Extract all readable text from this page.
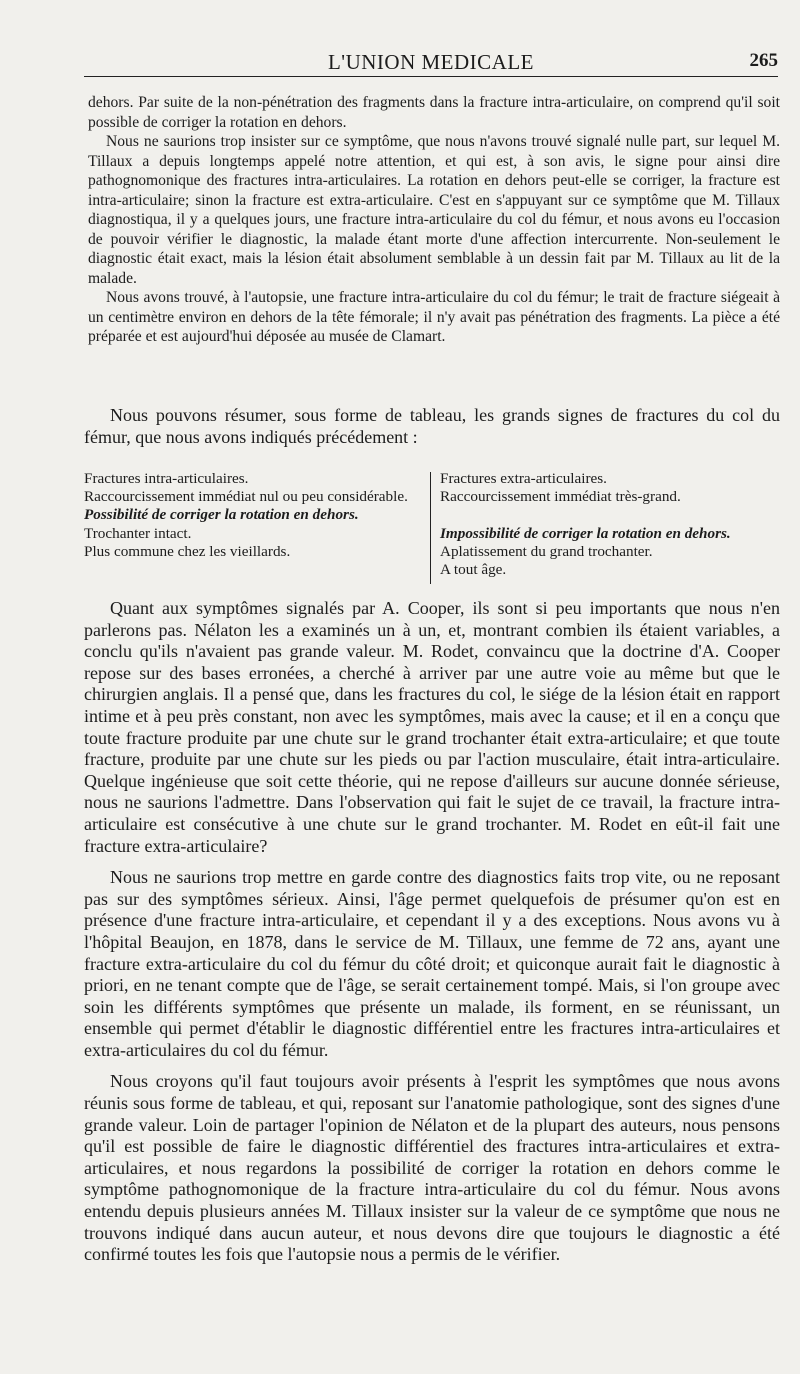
L'UNION MEDICALE	265

dehors. Par suite de la non-pénétration des fragments dans la fracture intra-articulaire, on comprend qu'il soit possible de corriger la rotation en dehors.

Nous ne saurions trop insister sur ce symptôme, que nous n'avons trouvé signalé nulle part, sur lequel M. Tillaux a depuis longtemps appelé notre attention, et qui est, à son avis, le signe pour ainsi dire pathognomonique des fractures intra-articulaires. La rotation en dehors peut-elle se corriger, la fracture est intra-articulaire; sinon la fracture est extra-articulaire. C'est en s'appuyant sur ce symptôme que M. Tillaux diagnostiqua, il y a quelques jours, une fracture intra-articulaire du col du fémur, et nous avons eu l'occasion de pouvoir vérifier le diagnostic, la malade étant morte d'une affection intercurrente. Non-seulement le diagnostic était exact, mais la lésion était absolument semblable à un dessin fait par M. Tillaux au lit de la malade.

Nous avons trouvé, à l'autopsie, une fracture intra-articulaire du col du fémur; le trait de fracture siégeait à un centimètre environ en dehors de la tête fémorale; il n'y avait pas pénétration des fragments. La pièce a été préparée et est aujourd'hui déposée au musée de Clamart.

Nous pouvons résumer, sous forme de tableau, les grands signes de fractures du col du fémur, que nous avons indiqués précédement :

Fractures intra-articulaires.
Raccourcissement immédiat nul ou peu considérable.
Possibilité de corriger la rotation en dehors.
Trochanter intact.
Plus commune chez les vieillards.
Fractures extra-articulaires.
Raccourcissement immédiat très-grand.
Impossibilité de corriger la rotation en dehors.
Aplatissement du grand trochanter.
A tout âge.

Quant aux symptômes signalés par A. Cooper, ils sont si peu importants que nous n'en parlerons pas. Nélaton les a examinés un à un, et, montrant combien ils étaient variables, a conclu qu'ils n'avaient pas grande valeur. M. Rodet, convaincu que la doctrine d'A. Cooper repose sur des bases erronées, a cherché à arriver par une autre voie au même but que le chirurgien anglais. Il a pensé que, dans les fractures du col, le siége de la lésion était en rapport intime et à peu près constant, non avec les symptômes, mais avec la cause; et il en a conçu que toute fracture produite par une chute sur le grand trochanter était extra-articulaire; et que toute fracture, produite par une chute sur les pieds ou par l'action musculaire, était intra-articulaire. Quelque ingénieuse que soit cette théorie, qui ne repose d'ailleurs sur aucune donnée sérieuse, nous ne saurions l'admettre. Dans l'observation qui fait le sujet de ce travail, la fracture intra-articulaire est consécutive à une chute sur le grand trochanter. M. Rodet en eût-il fait une fracture extra-articulaire?

Nous ne saurions trop mettre en garde contre des diagnostics faits trop vite, ou ne reposant pas sur des symptômes sérieux. Ainsi, l'âge permet quelquefois de présumer qu'on est en présence d'une fracture intra-articulaire, et cependant il y a des exceptions. Nous avons vu à l'hôpital Beaujon, en 1878, dans le service de M. Tillaux, une femme de 72 ans, ayant une fracture extra-articulaire du col du fémur du côté droit; et quiconque aurait fait le diagnostic à priori, en ne tenant compte que de l'âge, se serait certainement tompé. Mais, si l'on groupe avec soin les différents symptômes que présente un malade, ils forment, en se réunissant, un ensemble qui permet d'établir le diagnostic différentiel entre les fractures intra-articulaires et extra-articulaires du col du fémur.

Nous croyons qu'il faut toujours avoir présents à l'esprit les symptômes que nous avons réunis sous forme de tableau, et qui, reposant sur l'anatomie pathologique, sont des signes d'une grande valeur. Loin de partager l'opinion de Nélaton et de la plupart des auteurs, nous pensons qu'il est possible de faire le diagnostic différentiel des fractures intra-articulaires et extra-articulaires, et nous regardons la possibilité de corriger la rotation en dehors comme le symptôme pathognomonique de la fracture intra-articulaire du col du fémur. Nous avons entendu depuis plusieurs années M. Tillaux insister sur la valeur de ce symptôme que nous ne trouvons indiqué dans aucun auteur, et nous devons dire que toujours le diagnostic a été confirmé toutes les fois que l'autopsie nous a permis de le vérifier.
